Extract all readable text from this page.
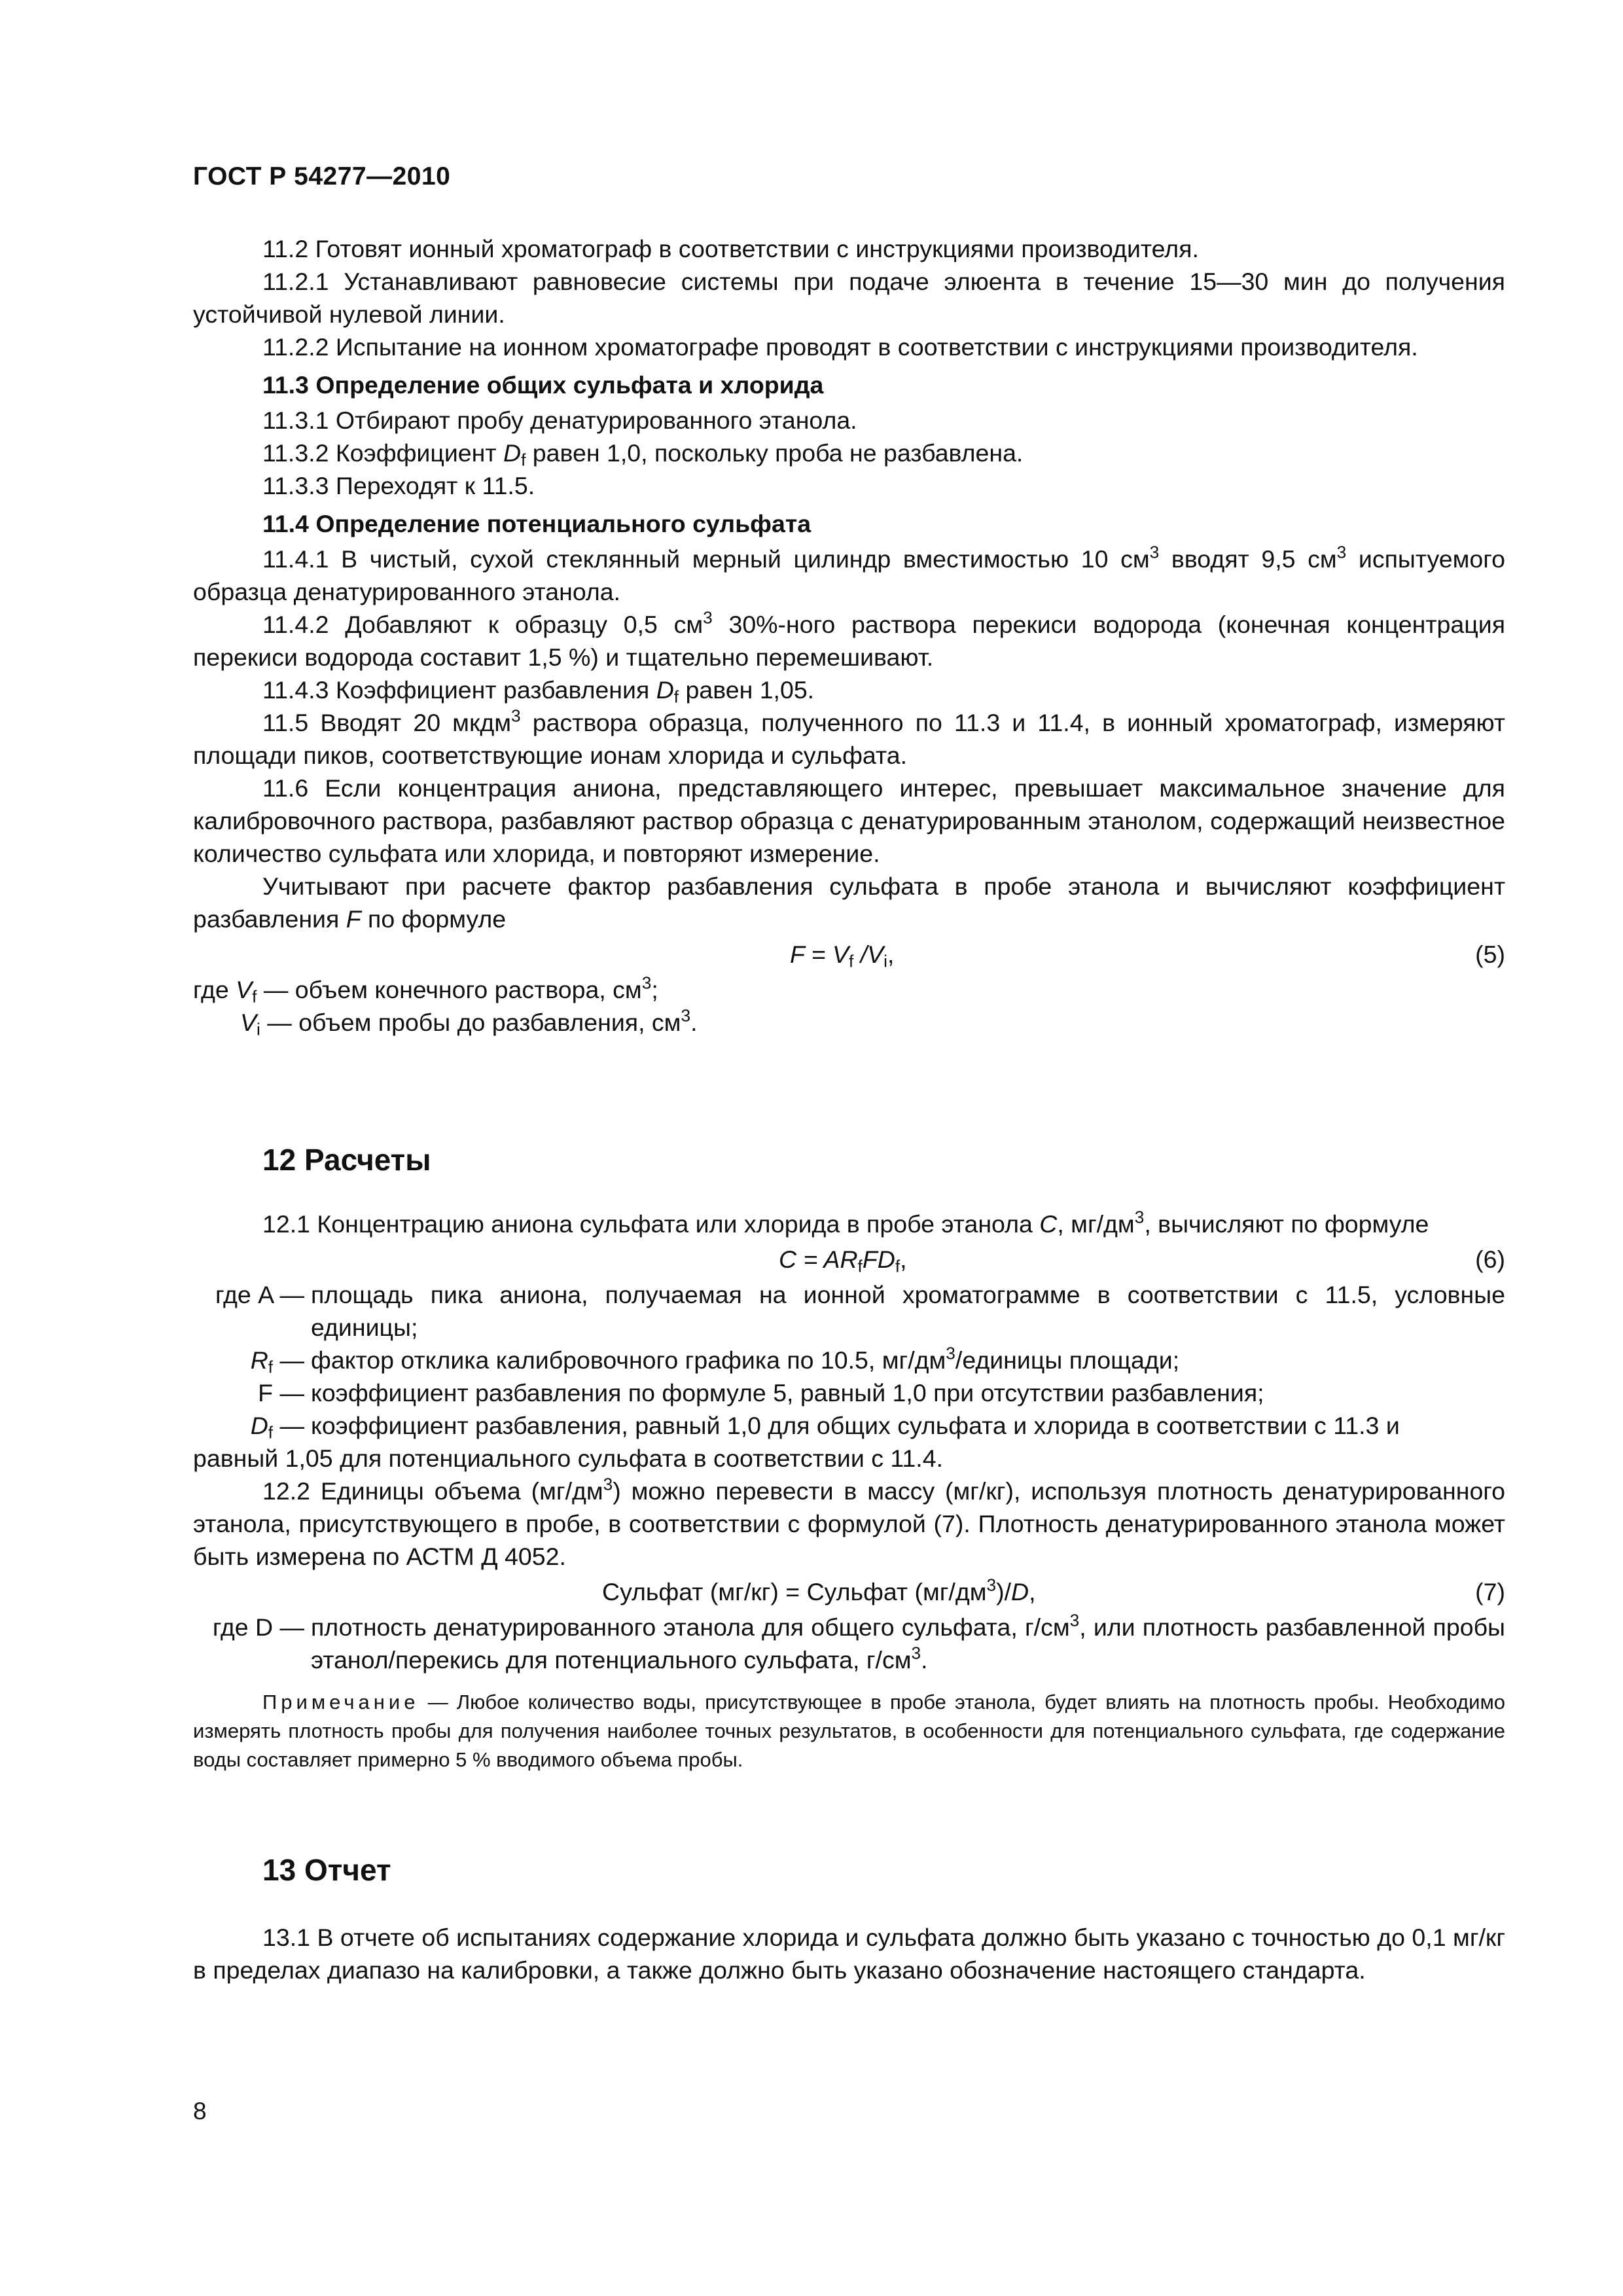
ГОСТ Р 54277—2010

11.2 Готовят ионный хроматограф в соответствии с инструкциями производителя.

11.2.1 Устанавливают равновесие системы при подаче элюента в течение 15—30 мин до получения устойчивой нулевой линии.

11.2.2 Испытание на ионном хроматографе проводят в соответствии с инструкциями производителя.

11.3 Определение общих сульфата и хлорида

11.3.1 Отбирают пробу денатурированного этанола.

11.3.2 Коэффициент $D_f$ равен 1,0, поскольку проба не разбавлена.

11.3.3 Переходят к 11.5.

11.4 Определение потенциального сульфата

11.4.1 В чистый, сухой стеклянный мерный цилиндр вместимостью 10 $см^3$ вводят 9,5 $см^3$ испытуемого образца денатурированного этанола.

11.4.2 Добавляют к образцу 0,5 $см^3$ 30%-ного раствора перекиси водорода (конечная концентрация перекиси водорода составит 1,5 %) и тщательно перемешивают.

11.4.3 Коэффициент разбавления $D_f$ равен 1,05.

11.5 Вводят 20 мкдм$^3$ раствора образца, полученного по 11.3 и 11.4, в ионный хроматограф, измеряют площади пиков, соответствующие ионам хлорида и сульфата.

11.6 Если концентрация аниона, представляющего интерес, превышает максимальное значение для калибровочного раствора, разбавляют раствор образца с денатурированным этанолом, содержащий неизвестное количество сульфата или хлорида, и повторяют измерение.

Учитывают при расчете фактор разбавления сульфата в пробе этанола и вычисляют коэффициент разбавления F по формуле

$F = V_f$ $/V_i$,	(5)

где $V_f$ — объем конечного раствора, $см^3$;

$V_i$ — объем пробы до разбавления, $см^3$.

12 Расчеты

12.1 Концентрацию аниона сульфата или хлорида в пробе этанола C, $мг/дм^3$, вычисляют по формуле

$C = AR_fFD_f$,	(6)
где A — площадь пика аниона, получаемая на ионной хроматограмме в соответствии с 11.5, условные единицы;
$R_f$ — фактор отклика калибровочного графика по 10.5, $мг/дм^3$/единицы площади;
F — коэффициент разбавления по формуле 5, равный 1,0 при отсутствии разбавления;
$D_f$ — коэффициент разбавления, равный 1,0 для общих сульфата и хлорида в соответствии с 11.3 и

равный 1,05 для потенциального сульфата в соответствии с 11.4.

12.2 Единицы объема $(мг/дм^3)$ можно перевести в массу (мг/кг), используя плотность денатурированного этанола, присутствующего в пробе, в соответствии с формулой (7). Плотность денатурированного этанола может быть измерена по АСТМ Д 4052.

Сульфат (мг/кг) = Сульфат $(мг/дм^3)/D$,	(7)
где D — плотность денатурированного этанола для общего сульфата, $г/см^3$, или плотность разбавленной пробы этанол/перекись для потенциального сульфата, $г/см^3$.

Примечание — Любое количество воды, присутствующее в пробе этанола, будет влиять на плотность пробы. Необходимо измерять плотность пробы для получения наиболее точных результатов, в особенности для потенциального сульфата, где содержание воды составляет примерно 5 % вводимого объема пробы.

13 Отчет

13.1 В отчете об испытаниях содержание хлорида и сульфата должно быть указано с точностью до 0,1 мг/кг в пределах диапазо на калибровки, а также должно быть указано обозначение настоящего стандарта.

8
